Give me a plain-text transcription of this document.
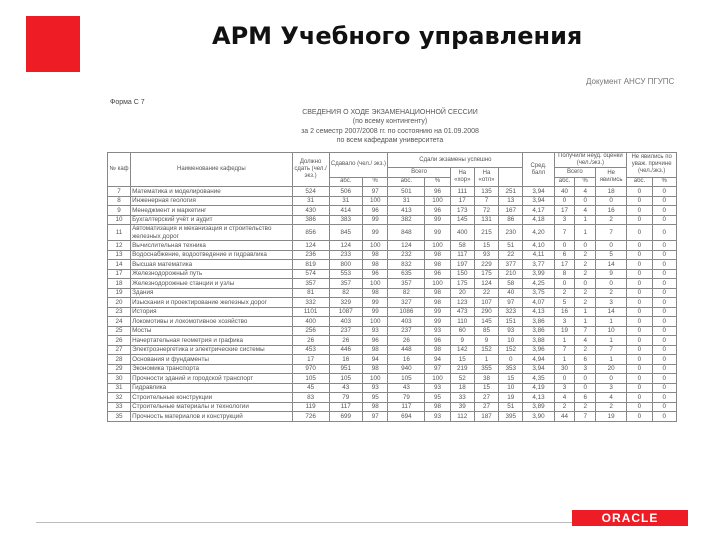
АРМ Учебного управления
Документ АНСУ ПГУПС
Форма С 7
СВЕДЕНИЯ О ХОДЕ ЭКЗАМЕНАЦИОННОЙ СЕССИИ
(по всему контингенту)
за 2 семестр 2007/2008 гг. по состоянию на 01.09.2008
по всем кафедрам университета
№ каф	Наименование кафедры	Должно сдать (чел./ экз.)	Сдавало (чел./ экз.)		Сдали экзамены успешно					Сред. балл	Получили неуд. оценки (чел./экз.)			Не явились по уваж. причине (чел./экз.)	
					Всего		На «хор»	На «отл»			Всего		Не явились		
			абс.	%	абс.	%					абс.	%		абс.	%
7	Математика и моделирование	524	506	97	501	96	111	135	251	3,94	40	4	18	0	0
8	Инженерная геология	31	31	100	31	100	17	7	13	3,94	0	0	0	0	0
9	Менеджмент и маркетинг	430	414	96	413	96	173	72	167	4,17	17	4	16	0	0
10	Бухгалтерский учёт и аудит	386	383	99	382	99	145	131	86	4,18	3	1	2	0	0
11	Автоматизация и механизация и строительство железных дорог	856	845	99	848	99	400	215	230	4,20	7	1	7	0	0
12	Вычислительная техника	124	124	100	124	100	58	15	51	4,10	0	0	0	0	0
13	Водоснабжение, водоотведение и гидравлика	236	233	98	232	98	117	93	22	4,11	6	2	5	0	0
14	Высшая математика	819	800	98	832	98	197	229	377	3,77	17	2	14	0	0
17	Железнодорожный путь	574	553	96	635	96	150	175	210	3,99	8	2	9	0	0
18	Железнодорожные станции и узлы	357	357	100	357	100	175	124	58	4,25	0	0	0	0	0
19	Здания	81	82	98	82	98	20	22	40	3,75	2	2	2	0	0
20	Изыскания и проектирование железных дорог	332	329	99	327	98	123	107	97	4,07	5	2	3	0	0
23	История	1101	1087	99	1086	99	473	290	323	4,13	16	1	14	0	0
24	Локомотивы и локомотивное хозяйство	400	403	100	403	99	110	145	151	3,86	3	1	1	0	0
25	Мосты	256	237	93	237	93	60	85	93	3,86	19	7	10	0	0
26	Начертательная геометрия и графика	26	26	96	26	96	9	9	10	3,88	1	4	1	0	0
27	Электроэнергетика и электрические системы	453	446	98	448	98	142	152	152	3,96	7	2	7	0	0
28	Основания и фундаменты	17	16	94	16	94	15	1	0	4,94	1	6	1	0	0
29	Экономика транспорта	970	951	98	940	97	219	355	353	3,94	30	3	20	0	0
30	Прочности зданий и городской транспорт	105	105	100	105	100	52	38	15	4,35	0	0	0	0	0
31	Гидравлика	45	43	93	43	93	18	15	10	4,19	3	0	3	0	0
32	Строительные конструкции	83	79	95	79	95	33	27	19	4,13	4	6	4	0	0
33	Строительные материалы и технологии	119	117	98	117	98	39	27	51	3,89	2	2	2	0	0
35	Прочность материалов и конструкций	726	699	97	694	93	112	187	395	3,90	44	7	19	0	0
ORACLE
